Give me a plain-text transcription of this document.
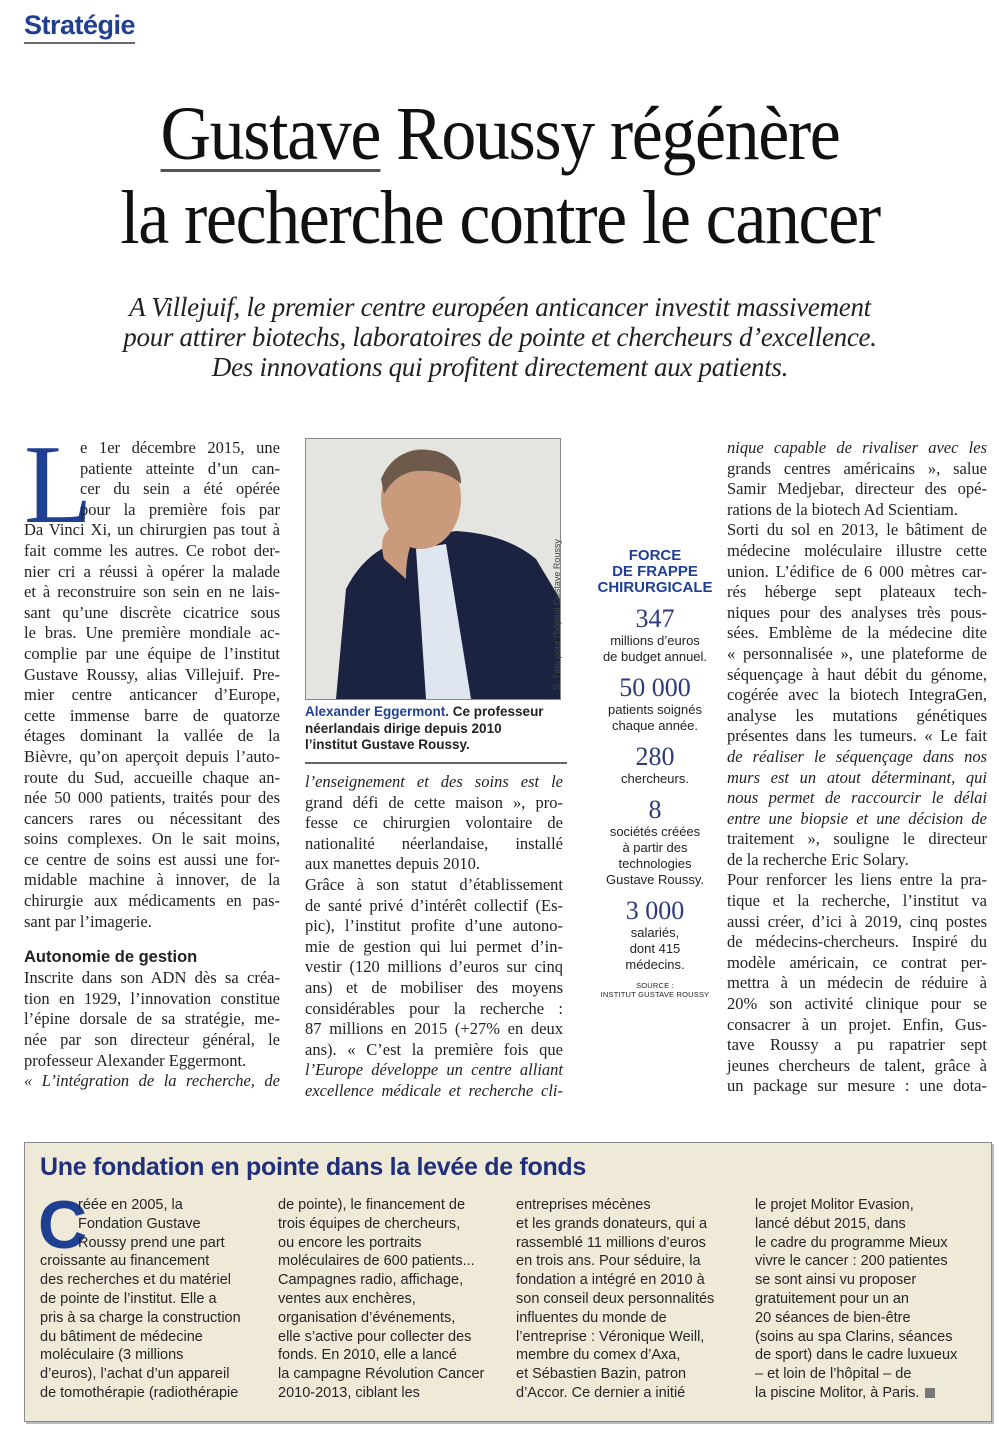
Stratégie
Gustave Roussy régénère
la recherche contre le cancer
A Villejuif, le premier centre européen anticancer investit massivement
pour attirer biotechs, laboratoires de pointe et chercheurs d’excellence.
Des innovations qui profitent directement aux patients.
L
e 1er décembre 2015, une
patiente atteinte d’un can-
cer du sein a été opérée
pour la première fois par
Da Vinci Xi, un chirurgien pas tout à
fait comme les autres. Ce robot der-
nier cri a réussi à opérer la malade
et à reconstruire son sein en ne lais-
sant qu’une discrète cicatrice sous
le bras. Une première mondiale ac-
complie par une équipe de l’institut
Gustave Roussy, alias Villejuif. Pre-
mier centre anticancer d’Europe,
cette immense barre de quatorze
étages dominant la vallée de la
Bièvre, qu’on aperçoit depuis l’auto-
route du Sud, accueille chaque an-
née 50 000 patients, traités pour des
cancers rares ou nécessitant des
soins complexes. On le sait moins,
ce centre de soins est aussi une for-
midable machine à innover, de la
chirurgie aux médicaments en pas-
sant par l’imagerie.
Autonomie de gestion
Inscrite dans son ADN dès sa créa-
tion en 1929, l’innovation constitue
l’épine dorsale de sa stratégie, me-
née par son directeur général, le
professeur Alexander Eggermont.
« L’intégration de la recherche, de
S. Tétu pour l’hôpital Gustave Roussy
Alexander Eggermont. Ce professeur
néerlandais dirige depuis 2010
l’institut Gustave Roussy.
l’enseignement et des soins est le
grand défi de cette maison », pro-
fesse ce chirurgien volontaire de
nationalité néerlandaise, installé
aux manettes depuis 2010.
Grâce à son statut d’établissement
de santé privé d’intérêt collectif (Es-
pic), l’institut profite d’une autono-
mie de gestion qui lui permet d’in-
vestir (120 millions d’euros sur cinq
ans) et de mobiliser des moyens
considérables pour la recherche :
87 millions en 2015 (+27% en deux
ans). « C’est la première fois que
l’Europe développe un centre alliant
excellence médicale et recherche cli-
FORCE
DE FRAPPE
CHIRURGICALE
347
millions d’euros
de budget annuel.
50 000
patients soignés
chaque année.
280
chercheurs.
8
sociétés créées
à partir des
technologies
Gustave Roussy.
3 000
salariés,
dont 415
médecins.
SOURCE :
INSTITUT GUSTAVE ROUSSY
nique capable de rivaliser avec les
grands centres américains », salue
Samir Medjebar, directeur des opé-
rations de la biotech Ad Scientiam.
Sorti du sol en 2013, le bâtiment de
médecine moléculaire illustre cette
union. L’édifice de 6 000 mètres car-
rés héberge sept plateaux tech-
niques pour des analyses très pous-
sées. Emblème de la médecine dite
« personnalisée », une plateforme de
séquençage à haut débit du génome,
cogérée avec la biotech IntegraGen,
analyse les mutations génétiques
présentes dans les tumeurs. « Le fait
de réaliser le séquençage dans nos
murs est un atout déterminant, qui
nous permet de raccourcir le délai
entre une biopsie et une décision de
traitement », souligne le directeur
de la recherche Eric Solary.
Pour renforcer les liens entre la pra-
tique et la recherche, l’institut va
aussi créer, d’ici à 2019, cinq postes
de médecins-chercheurs. Inspiré du
modèle américain, ce contrat per-
mettra à un médecin de réduire à
20% son activité clinique pour se
consacrer à un projet. Enfin, Gus-
tave Roussy a pu rapatrier sept
jeunes chercheurs de talent, grâce à
un package sur mesure : une dota-
Une fondation en pointe dans la levée de fonds
C
réée en 2005, la
Fondation Gustave
Roussy prend une part
croissante au financement
des recherches et du matériel
de pointe de l’institut. Elle a
pris à sa charge la construction
du bâtiment de médecine
moléculaire (3 millions
d’euros), l’achat d’un appareil
de tomothérapie (radiothérapie
de pointe), le financement de
trois équipes de chercheurs,
ou encore les portraits
moléculaires de 600 patients...
Campagnes radio, affichage,
ventes aux enchères,
organisation d’événements,
elle s’active pour collecter des
fonds. En 2010, elle a lancé
la campagne Révolution Cancer
2010-2013, ciblant les
entreprises mécènes
et les grands donateurs, qui a
rassemblé 11 millions d’euros
en trois ans. Pour séduire, la
fondation a intégré en 2010 à
son conseil deux personnalités
influentes du monde de
l’entreprise : Véronique Weill,
membre du comex d’Axa,
et Sébastien Bazin, patron
d’Accor. Ce dernier a initié
le projet Molitor Evasion,
lancé début 2015, dans
le cadre du programme Mieux
vivre le cancer : 200 patientes
se sont ainsi vu proposer
gratuitement pour un an
20 séances de bien-être
(soins au spa Clarins, séances
de sport) dans le cadre luxueux
– et loin de l’hôpital – de
la piscine Molitor, à Paris.
